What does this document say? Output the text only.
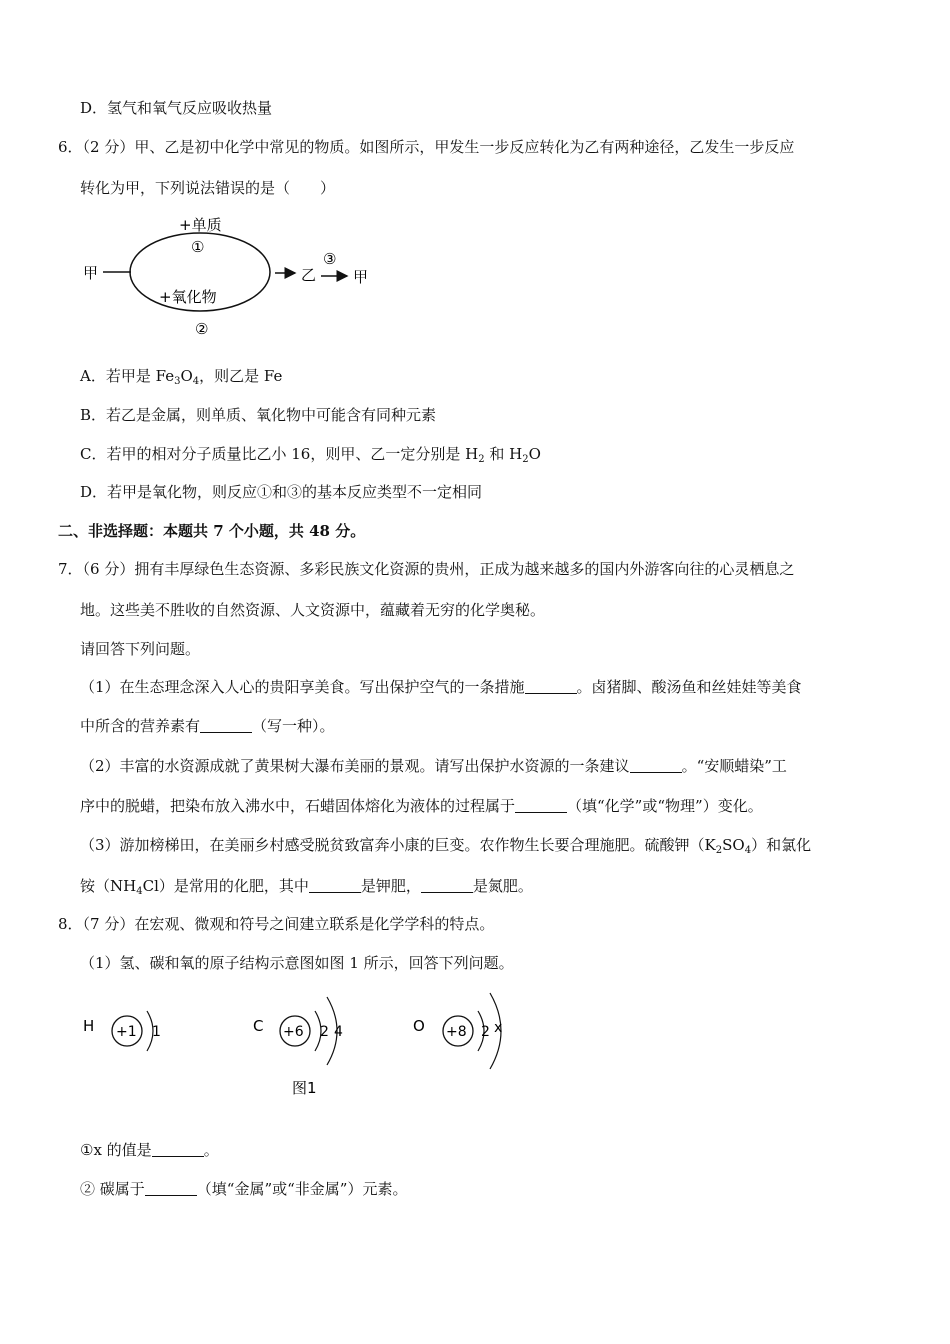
D．氢气和氧气反应吸收热量
6．（2 分）甲、乙是初中化学中常见的物质。如图所示，甲发生一步反应转化为乙有两种途径，乙发生一步反应
转化为甲，下列说法错误的是（　　）
甲
+单质
①
+氧化物
②
乙
③
甲
A．若甲是 $Fe_3O_4$，则乙是 Fe
B．若乙是金属，则单质、氧化物中可能含有同种元素
C．若甲的相对分子质量比乙小 16，则甲、乙一定分别是 $H_2$ 和 $H_2O$
D．若甲是氧化物，则反应①和③的基本反应类型不一定相同
二、非选择题：本题共 7 个小题，共 48 分。
7．（6 分）拥有丰厚绿色生态资源、多彩民族文化资源的贵州，正成为越来越多的国内外游客向往的心灵栖息之
地。这些美不胜收的自然资源、人文资源中，蕴藏着无穷的化学奥秘。
请回答下列问题。
（1）在生态理念深入人心的贵阳享美食。写出保护空气的一条措施	。卤猪脚、酸汤鱼和丝娃娃等美食
中所含的营养素有	（写一种）。
（2）丰富的水资源成就了黄果树大瀑布美丽的景观。请写出保护水资源的一条建议	。“安顺蜡染”工
序中的脱蜡，把染布放入沸水中，石蜡固体熔化为液体的过程属于	（填“化学”或“物理”）变化。
（3）游加榜梯田，在美丽乡村感受脱贫致富奔小康的巨变。农作物生长要合理施肥。硫酸钾$(K_2SO_4)$和氯化
铵$(NH_4Cl)$是常用的化肥，其中	是钾肥，	是氮肥。
8．（7 分）在宏观、微观和符号之间建立联系是化学学科的特点。
（1）氢、碳和氧的原子结构示意图如图 1 所示，回答下列问题。
H +1 1	C +6 2 4	O +8 2 x
图1
①x 的值是	。
② 碳属于	（填“金属”或“非金属”）元素。
